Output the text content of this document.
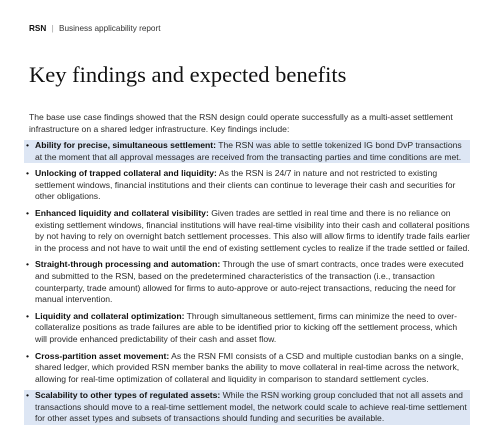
RSN | Business applicability report
Key findings and expected benefits

The base use case findings showed that the RSN design could operate successfully as a multi-asset settlement infrastructure on a shared ledger infrastructure. Key findings include:

• Ability for precise, simultaneous settlement: The RSN was able to settle tokenized IG bond DvP transactions at the moment that all approval messages are received from the transacting parties and time conditions are met.
• Unlocking of trapped collateral and liquidity: As the RSN is 24/7 in nature and not restricted to existing settlement windows, financial institutions and their clients can continue to leverage their cash and securities for other obligations.
• Enhanced liquidity and collateral visibility: Given trades are settled in real time and there is no reliance on existing settlement windows, financial institutions will have real-time visibility into their cash and collateral positions by not having to rely on overnight batch settlement processes. This also will allow firms to identify trade fails earlier in the process and not have to wait until the end of existing settlement cycles to realize if the trade settled or failed.
• Straight-through processing and automation: Through the use of smart contracts, once trades were executed and submitted to the RSN, based on the predetermined characteristics of the transaction (i.e., transaction counterparty, trade amount) allowed for firms to auto-approve or auto-reject transactions, reducing the need for manual intervention.
• Liquidity and collateral optimization: Through simultaneous settlement, firms can minimize the need to over-collateralize positions as trade failures are able to be identified prior to kicking off the settlement process, which will provide enhanced predictability of their cash and asset flow.
• Cross-partition asset movement: As the RSN FMI consists of a CSD and multiple custodian banks on a single, shared ledger, which provided RSN member banks the ability to move collateral in real-time across the network, allowing for real-time optimization of collateral and liquidity in comparison to standard settlement cycles.
• Scalability to other types of regulated assets: While the RSN working group concluded that not all assets and transactions should move to a real-time settlement model, the network could scale to achieve real-time settlement for other asset types and subsets of transactions should funding and securities be available.
